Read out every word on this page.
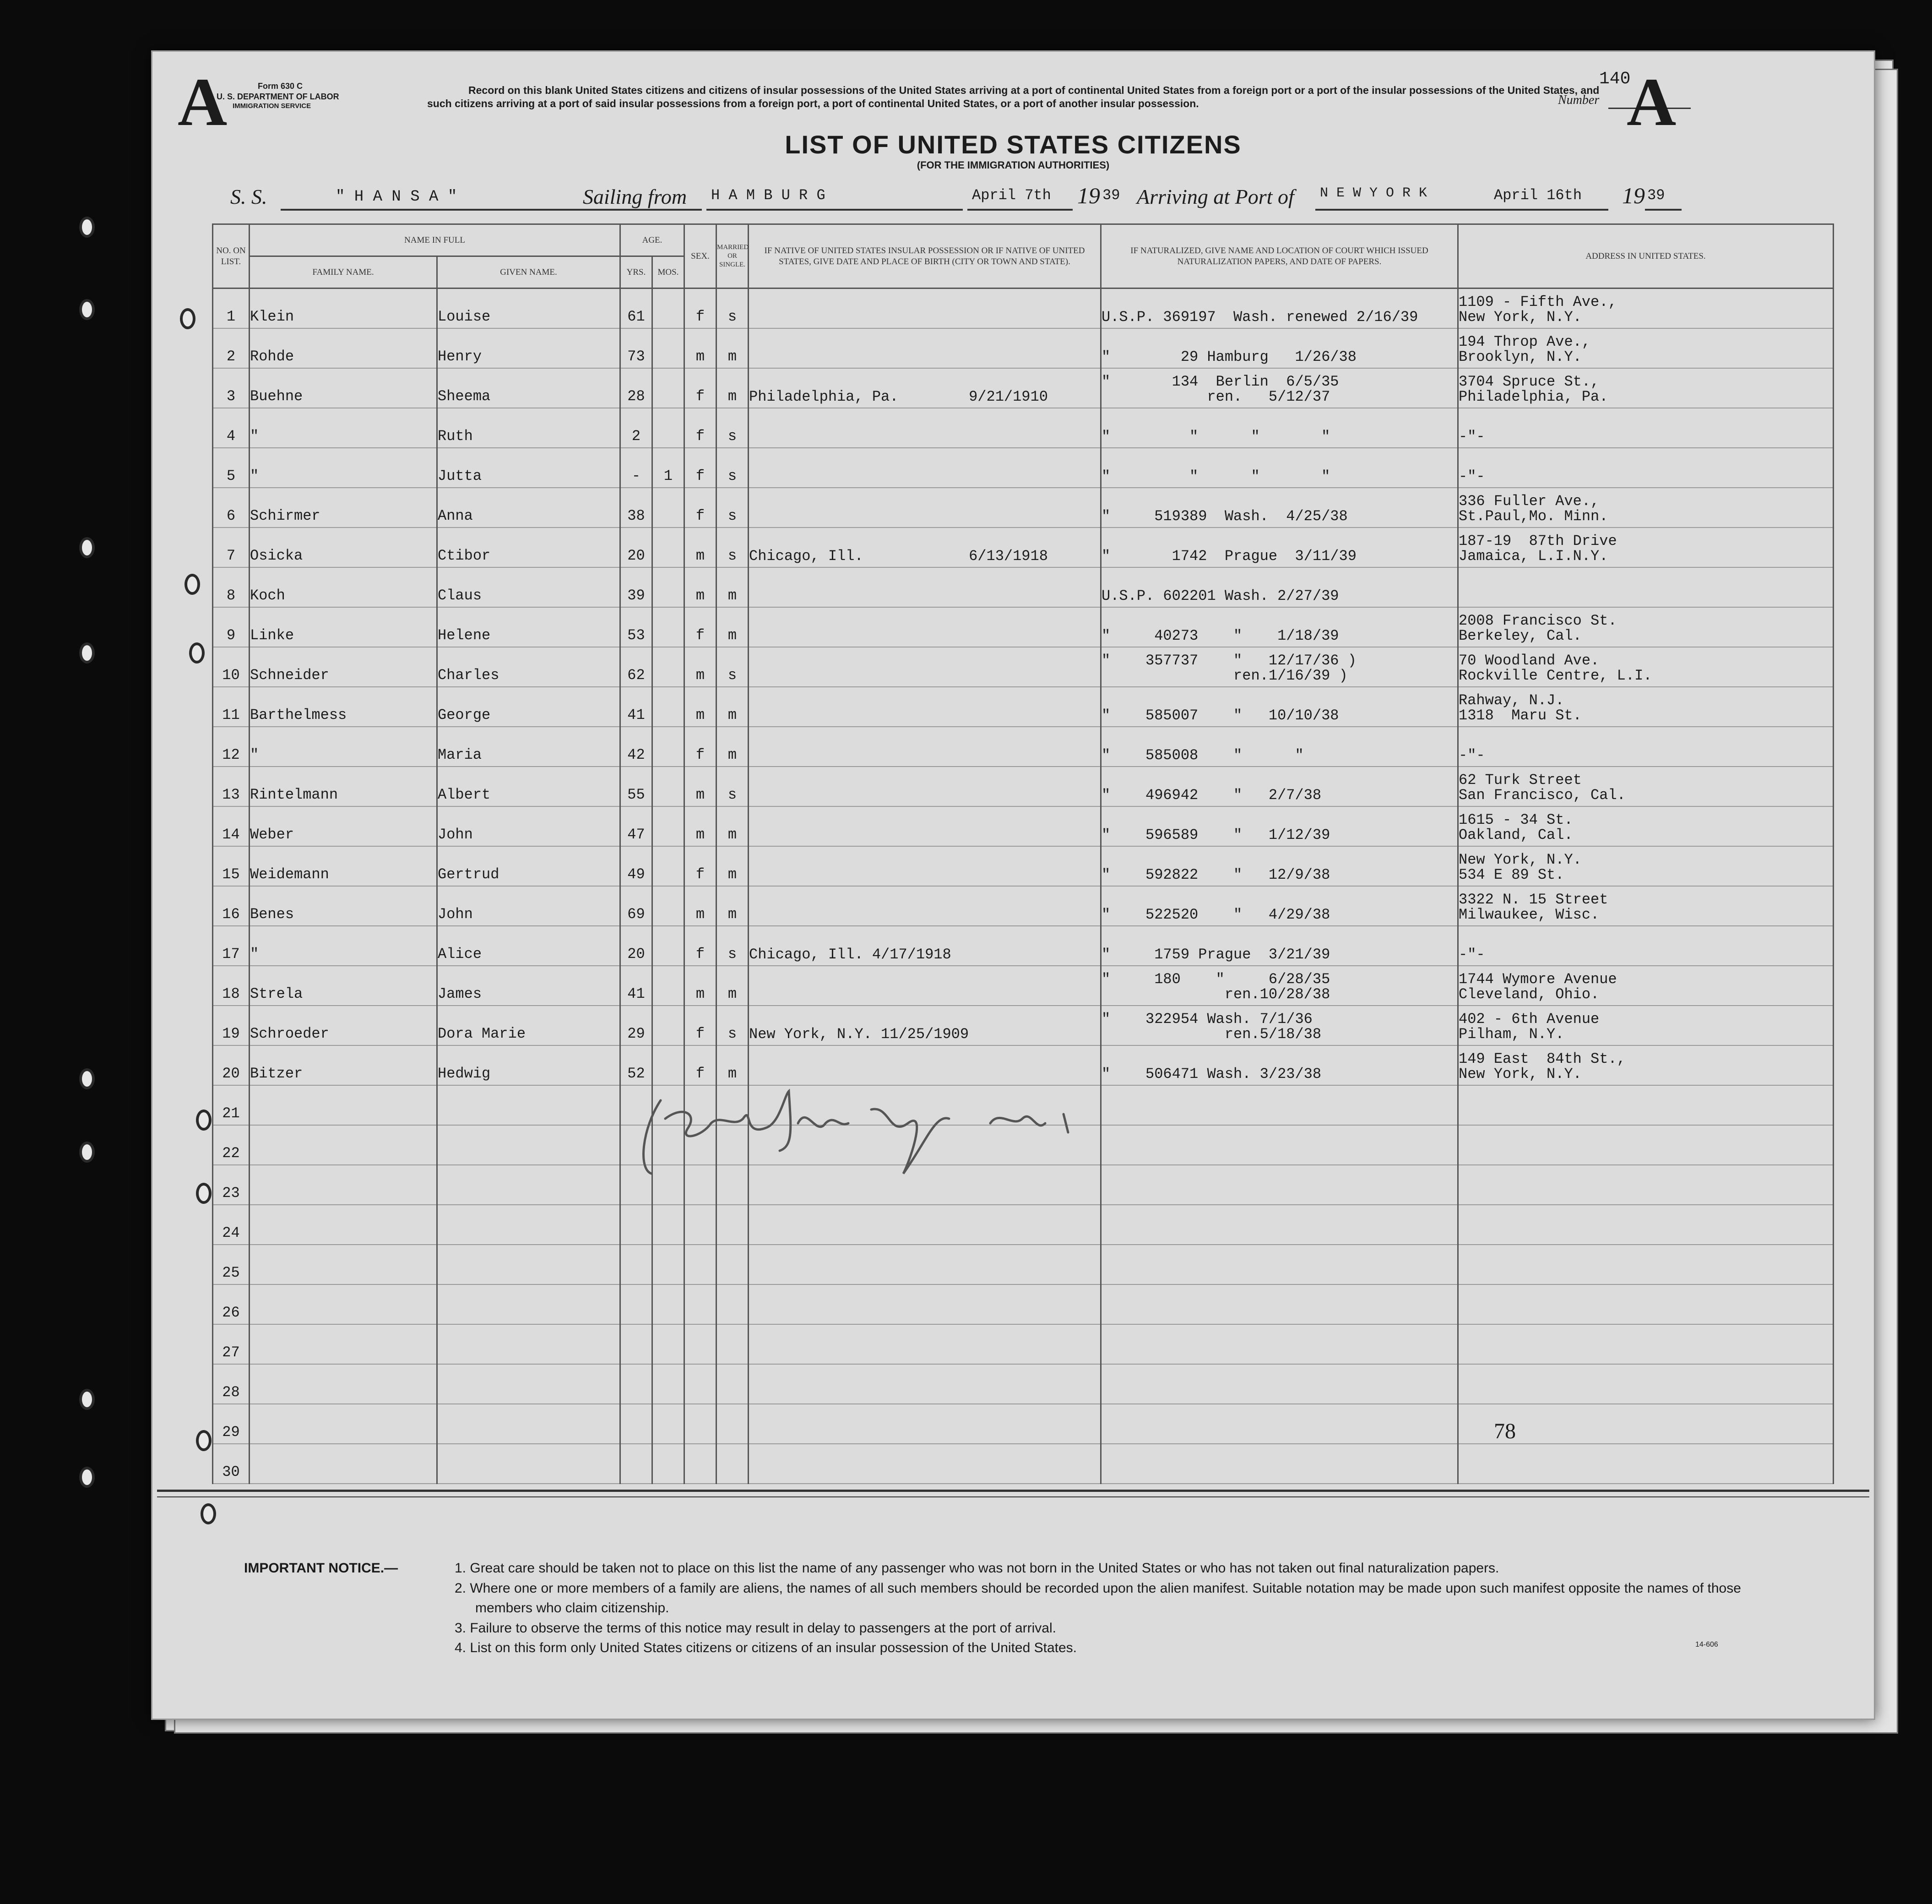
A	Form 630 C
U. S. DEPARTMENT OF LABOR
IMMIGRATION SERVICE
Record on this blank United States citizens and citizens of insular possessions of the United States arriving at a port of continental United States from a foreign port or a port of the insular possessions of the United States, and such citizens arriving at a port of said insular possessions from a foreign port, a port of continental United States, or a port of another insular possession.
140
Number A
LIST OF UNITED STATES CITIZENS
(FOR THE IMMIGRATION AUTHORITIES)
S. S.	" H A N S A "	Sailing from H A M B U R G	April 7th 19 39 Arriving at Port of N E W Y O R K	April 16th 19 39
NO. ON LIST.	NAME IN FULL		AGE.		SEX.	MARRIED OR SINGLE.	IF NATIVE OF UNITED STATES INSULAR POSSESSION OR IF NATIVE OF UNITED STATES, GIVE DATE AND PLACE OF BIRTH (CITY OR TOWN AND STATE).	IF NATURALIZED, GIVE NAME AND LOCATION OF COURT WHICH ISSUED NATURALIZATION PAPERS, AND DATE OF PAPERS.	ADDRESS IN UNITED STATES.
	FAMILY NAME.	GIVEN NAME.	YRS.	MOS.					
1	Klein	Louise	61		f	s		U.S.P. 369197  Wash. renewed 2/16/39	1109 - Fifth Ave.,
New York, N.Y.
2	Rohde	Henry	73		m	m		"        29 Hamburg   1/26/38	194 Throp Ave.,
Brooklyn, N.Y.
3	Buehne	Sheema	28		f	m	Philadelphia, Pa.        9/21/1910	"       134  Berlin  6/5/35
ren.   5/12/37	3704 Spruce St.,
Philadelphia, Pa.
4	"	Ruth	2		f	s		"         "      "       "	-"-
5	"	Jutta	-	1	f	s		"         "      "       "	-"-
6	Schirmer	Anna	38		f	s		"     519389  Wash.  4/25/38	336 Fuller Ave.,
St.Paul,Mo. Minn.
7	Osicka	Ctibor	20		m	s	Chicago, Ill.            6/13/1918	"       1742  Prague  3/11/39	187-19  87th Drive
Jamaica, L.I.N.Y.
8	Koch	Claus	39		m	m		U.S.P. 602201 Wash. 2/27/39	
9	Linke	Helene	53		f	m		"     40273    "    1/18/39	2008 Francisco St.
Berkeley, Cal.
10	Schneider	Charles	62		m	s		"    357737    "   12/17/36 )
ren.1/16/39 )	70 Woodland Ave.
Rockville Centre, L.I.
11	Barthelmess	George	41		m	m		"    585007    "   10/10/38	Rahway, N.J.
1318  Maru St.
12	"	Maria	42		f	m		"    585008    "      "	-"-
13	Rintelmann	Albert	55		m	s		"    496942    "   2/7/38	62 Turk Street
San Francisco, Cal.
14	Weber	John	47		m	m		"    596589    "   1/12/39	1615 - 34 St.
Oakland, Cal.
15	Weidemann	Gertrud	49		f	m		"    592822    "   12/9/38	New York, N.Y.
534 E 89 St.
16	Benes	John	69		m	m		"    522520    "   4/29/38	3322 N. 15 Street
Milwaukee, Wisc.
17	"	Alice	20		f	s	Chicago, Ill. 4/17/1918	"     1759 Prague  3/21/39	-"-
18	Strela	James	41		m	m		"     180    "     6/28/35
ren.10/28/38	1744 Wymore Avenue
Cleveland, Ohio.
19	Schroeder	Dora Marie	29		f	s	New York, N.Y. 11/25/1909	"    322954 Wash. 7/1/36
ren.5/18/38	402 - 6th Avenue
Pilham, N.Y.
20	Bitzer	Hedwig	52		f	m		"    506471 Wash. 3/23/38	149 East  84th St.,
New York, N.Y.
21									
22									
23									
24									
25									
26									
27									
28									
29									
30									
78
IMPORTANT NOTICE.—	1. Great care should be taken not to place on this list the name of any passenger who was not born in the United States or who has not taken out final naturalization papers.
2. Where one or more members of a family are aliens, the names of all such members should be recorded upon the alien manifest. Suitable notation may be made upon such manifest opposite the names of those members who claim citizenship.
3. Failure to observe the terms of this notice may result in delay to passengers at the port of arrival.
4. List on this form only United States citizens or citizens of an insular possession of the United States.	14-606
